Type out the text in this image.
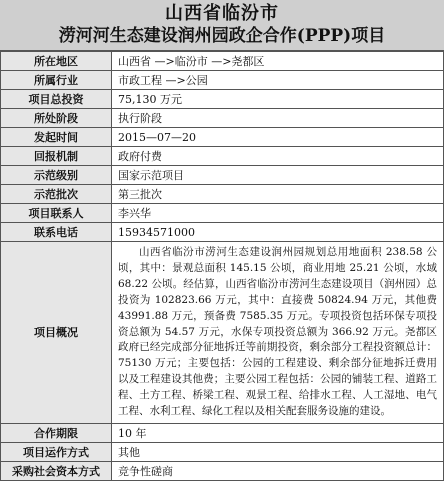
山西省临汾市
涝河河生态建设润州园政企合作(PPP)项目
所在地区	山西省 —>临汾市 —>尧都区
所属行业	市政工程 —>公园
项目总投资	75,130 万元
所处阶段	执行阶段
发起时间	2015—07—20
回报机制	政府付费
示范级别	国家示范项目
示范批次	第三批次
项目联系人	李兴华
联系电话	15934571000
项目概况	山西省临汾市涝河生态建设润州园规划总用地面积 238.58 公顷，其中：景观总面积 145.15 公顷，商业用地 25.21 公顷，水域 68.22 公顷。经估算，山西省临汾市涝河生态建设项目（润州园）总投资为 102823.66 万元，其中：直接费 50824.94 万元，其他费 43991.88 万元，预备费 7585.35 万元。专项投资包括环保专项投资总额为 54.57 万元，水保专项投资总额为 366.92 万元。尧都区政府已经完成部分征地拆迁等前期投资，剩余部分工程投资额总计：75130 万元；主要包括：公园的工程建设、剩余部分征地拆迁费用以及工程建设其他费；主要公园工程包括：公园的铺装工程、道路工程、土方工程、桥梁工程、观景工程、给排水工程、人工湿地、电气工程、水利工程、绿化工程以及相关配套服务设施的建设。
合作期限	10 年
项目运作方式	其他
采购社会资本方式	竞争性磋商
